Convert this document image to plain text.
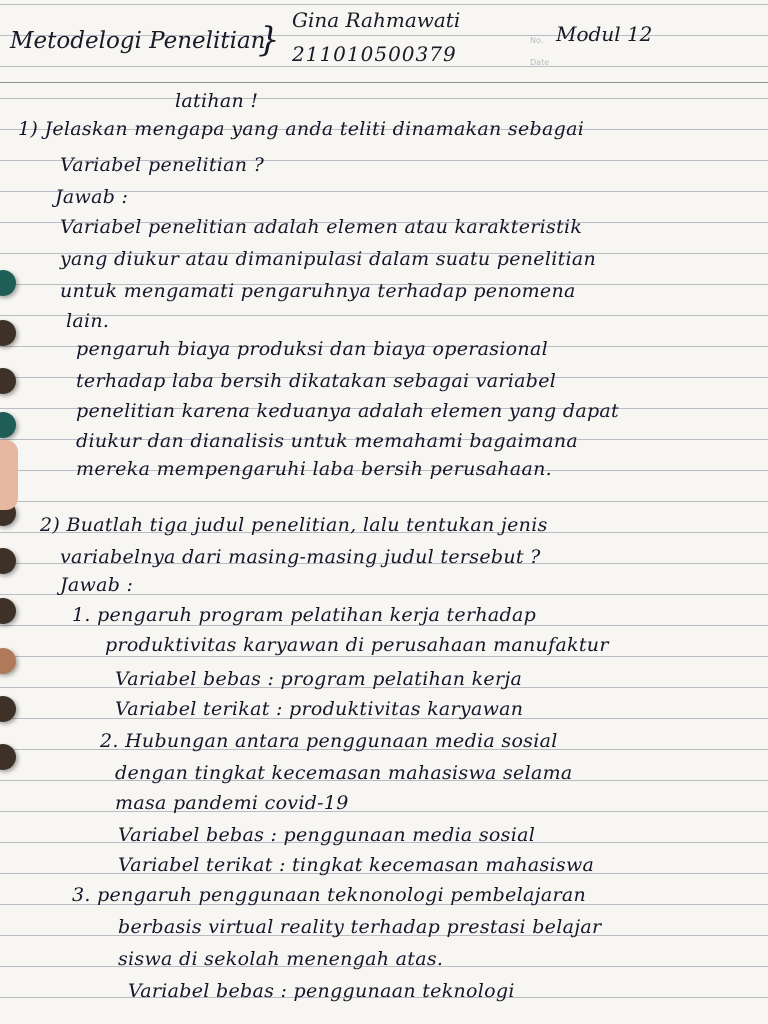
Metodelogi Penelitian
} Gina Rahmawati
211010500379
No. Modul 12
Date
latihan !
1) Jelaskan mengapa yang anda teliti dinamakan sebagai
Variabel penelitian ?
Jawab :
Variabel penelitian adalah elemen atau karakteristik
yang diukur atau dimanipulasi dalam suatu penelitian
untuk mengamati pengaruhnya terhadap penomena
lain.
pengaruh biaya produksi dan biaya operasional
terhadap laba bersih dikatakan sebagai variabel
penelitian karena keduanya adalah elemen yang dapat
diukur dan dianalisis untuk memahami bagaimana
mereka mempengaruhi laba bersih perusahaan.
2) Buatlah tiga judul penelitian, lalu tentukan jenis
variabelnya dari masing-masing judul tersebut ?
Jawab :
1. pengaruh program pelatihan kerja terhadap
produktivitas karyawan di perusahaan manufaktur
Variabel bebas : program pelatihan kerja
Variabel terikat : produktivitas karyawan
2. Hubungan antara penggunaan media sosial
dengan tingkat kecemasan mahasiswa selama
masa pandemi covid-19
Variabel bebas : penggunaan media sosial
Variabel terikat : tingkat kecemasan mahasiswa
3. pengaruh penggunaan teknonologi pembelajaran
berbasis virtual reality terhadap prestasi belajar
siswa di sekolah menengah atas.
Variabel bebas : penggunaan teknologi
